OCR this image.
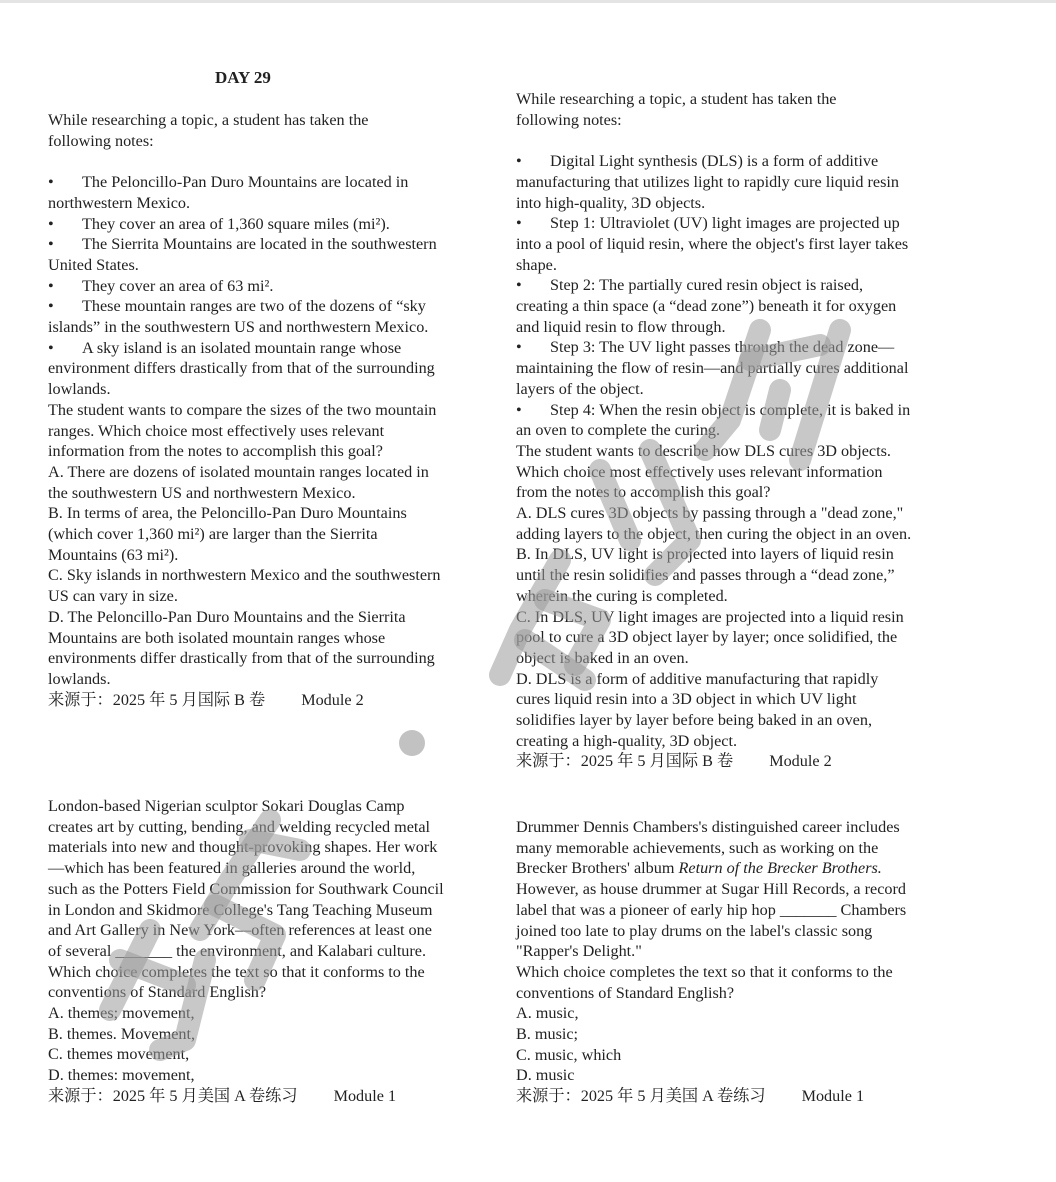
DAY 29

While researching a topic, a student has taken the

following notes:

• The Peloncillo-Pan Duro Mountains are located in northwestern Mexico.

• They cover an area of 1,360 square miles (mi²).

• The Sierrita Mountains are located in the southwestern United States.

• They cover an area of 63 mi².

• These mountain ranges are two of the dozens of “sky islands” in the southwestern US and northwestern Mexico.

• A sky island is an isolated mountain range whose environment differs drastically from that of the surrounding lowlands.

The student wants to compare the sizes of the two mountain ranges. Which choice most effectively uses relevant information from the notes to accomplish this goal?

A. There are dozens of isolated mountain ranges located in the southwestern US and northwestern Mexico.

B. In terms of area, the Peloncillo-Pan Duro Mountains (which cover 1,360 mi²) are larger than the Sierrita Mountains (63 mi²).

C. Sky islands in northwestern Mexico and the southwestern US can vary in size.

D. The Peloncillo-Pan Duro Mountains and the Sierrita Mountains are both isolated mountain ranges whose environments differ drastically from that of the surrounding lowlands.

来源于：2025 年 5 月国际 B 卷 Module 2

London-based Nigerian sculptor Sokari Douglas Camp creates art by cutting, bending, and welding recycled metal materials into new and thought-provoking shapes. Her work—which has been featured in galleries around the world, such as the Potters Field Commission for Southwark Council in London and Skidmore College's Tang Teaching Museum and Art Gallery in New York—often references at least one of several _______ the environment, and Kalabari culture.

Which choice completes the text so that it conforms to the conventions of Standard English?

A. themes; movement,

B. themes. Movement,

C. themes movement,

D. themes: movement,

来源于：2025 年 5 月美国 A 卷练习 Module 1

While researching a topic, a student has taken the

following notes:

• Digital Light synthesis (DLS) is a form of additive manufacturing that utilizes light to rapidly cure liquid resin into high-quality, 3D objects.

• Step 1: Ultraviolet (UV) light images are projected up into a pool of liquid resin, where the object's first layer takes shape.

• Step 2: The partially cured resin object is raised, creating a thin space (a “dead zone”) beneath it for oxygen and liquid resin to flow through.

• Step 3: The UV light passes through the dead zone—maintaining the flow of resin—and partially cures additional layers of the object.

• Step 4: When the resin object is complete, it is baked in an oven to complete the curing.

The student wants to describe how DLS cures 3D objects. Which choice most effectively uses relevant information from the notes to accomplish this goal?

A. DLS cures 3D objects by passing through a "dead zone," adding layers to the object, then curing the object in an oven.

B. In DLS, UV light is projected into layers of liquid resin until the resin solidifies and passes through a “dead zone,” wherein the curing is completed.

C. In DLS, UV light images are projected into a liquid resin pool to cure a 3D object layer by layer; once solidified, the object is baked in an oven.

D. DLS is a form of additive manufacturing that rapidly cures liquid resin into a 3D object in which UV light solidifies layer by layer before being baked in an oven, creating a high-quality, 3D object.

来源于：2025 年 5 月国际 B 卷 Module 2

Drummer Dennis Chambers's distinguished career includes many memorable achievements, such as working on the Brecker Brothers' album Return of the Brecker Brothers. However, as house drummer at Sugar Hill Records, a record label that was a pioneer of early hip hop _______ Chambers joined too late to play drums on the label's classic song "Rapper's Delight."

Which choice completes the text so that it conforms to the conventions of Standard English?

A. music,

B. music;

C. music, which

D. music

来源于：2025 年 5 月美国 A 卷练习 Module 1
